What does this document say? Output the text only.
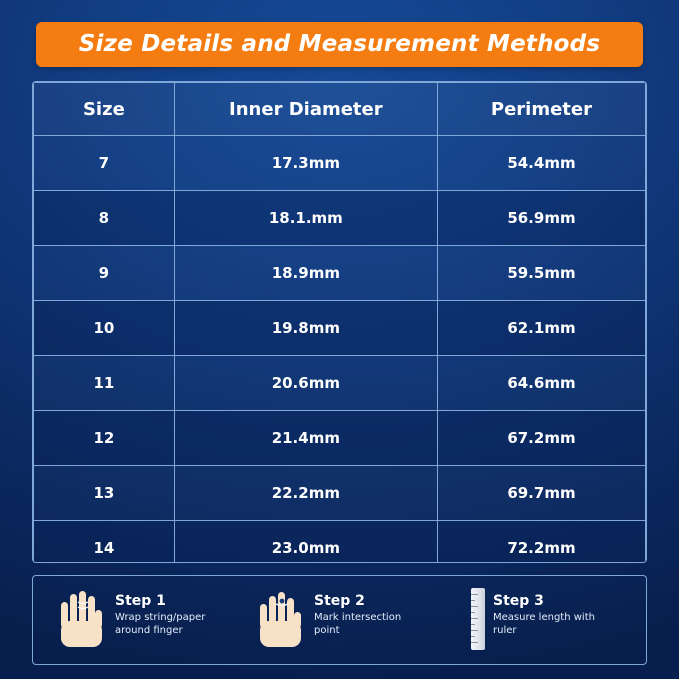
Size Details and Measurement Methods
Size	Inner Diameter	Perimeter
7	17.3mm	54.4mm
8	18.1.mm	56.9mm
9	18.9mm	59.5mm
10	19.8mm	62.1mm
11	20.6mm	64.6mm
12	21.4mm	67.2mm
13	22.2mm	69.7mm
14	23.0mm	72.2mm
Step 1
Wrap string/paper around finger
Step 2
Mark intersection point
Step 3
Measure length with ruler
